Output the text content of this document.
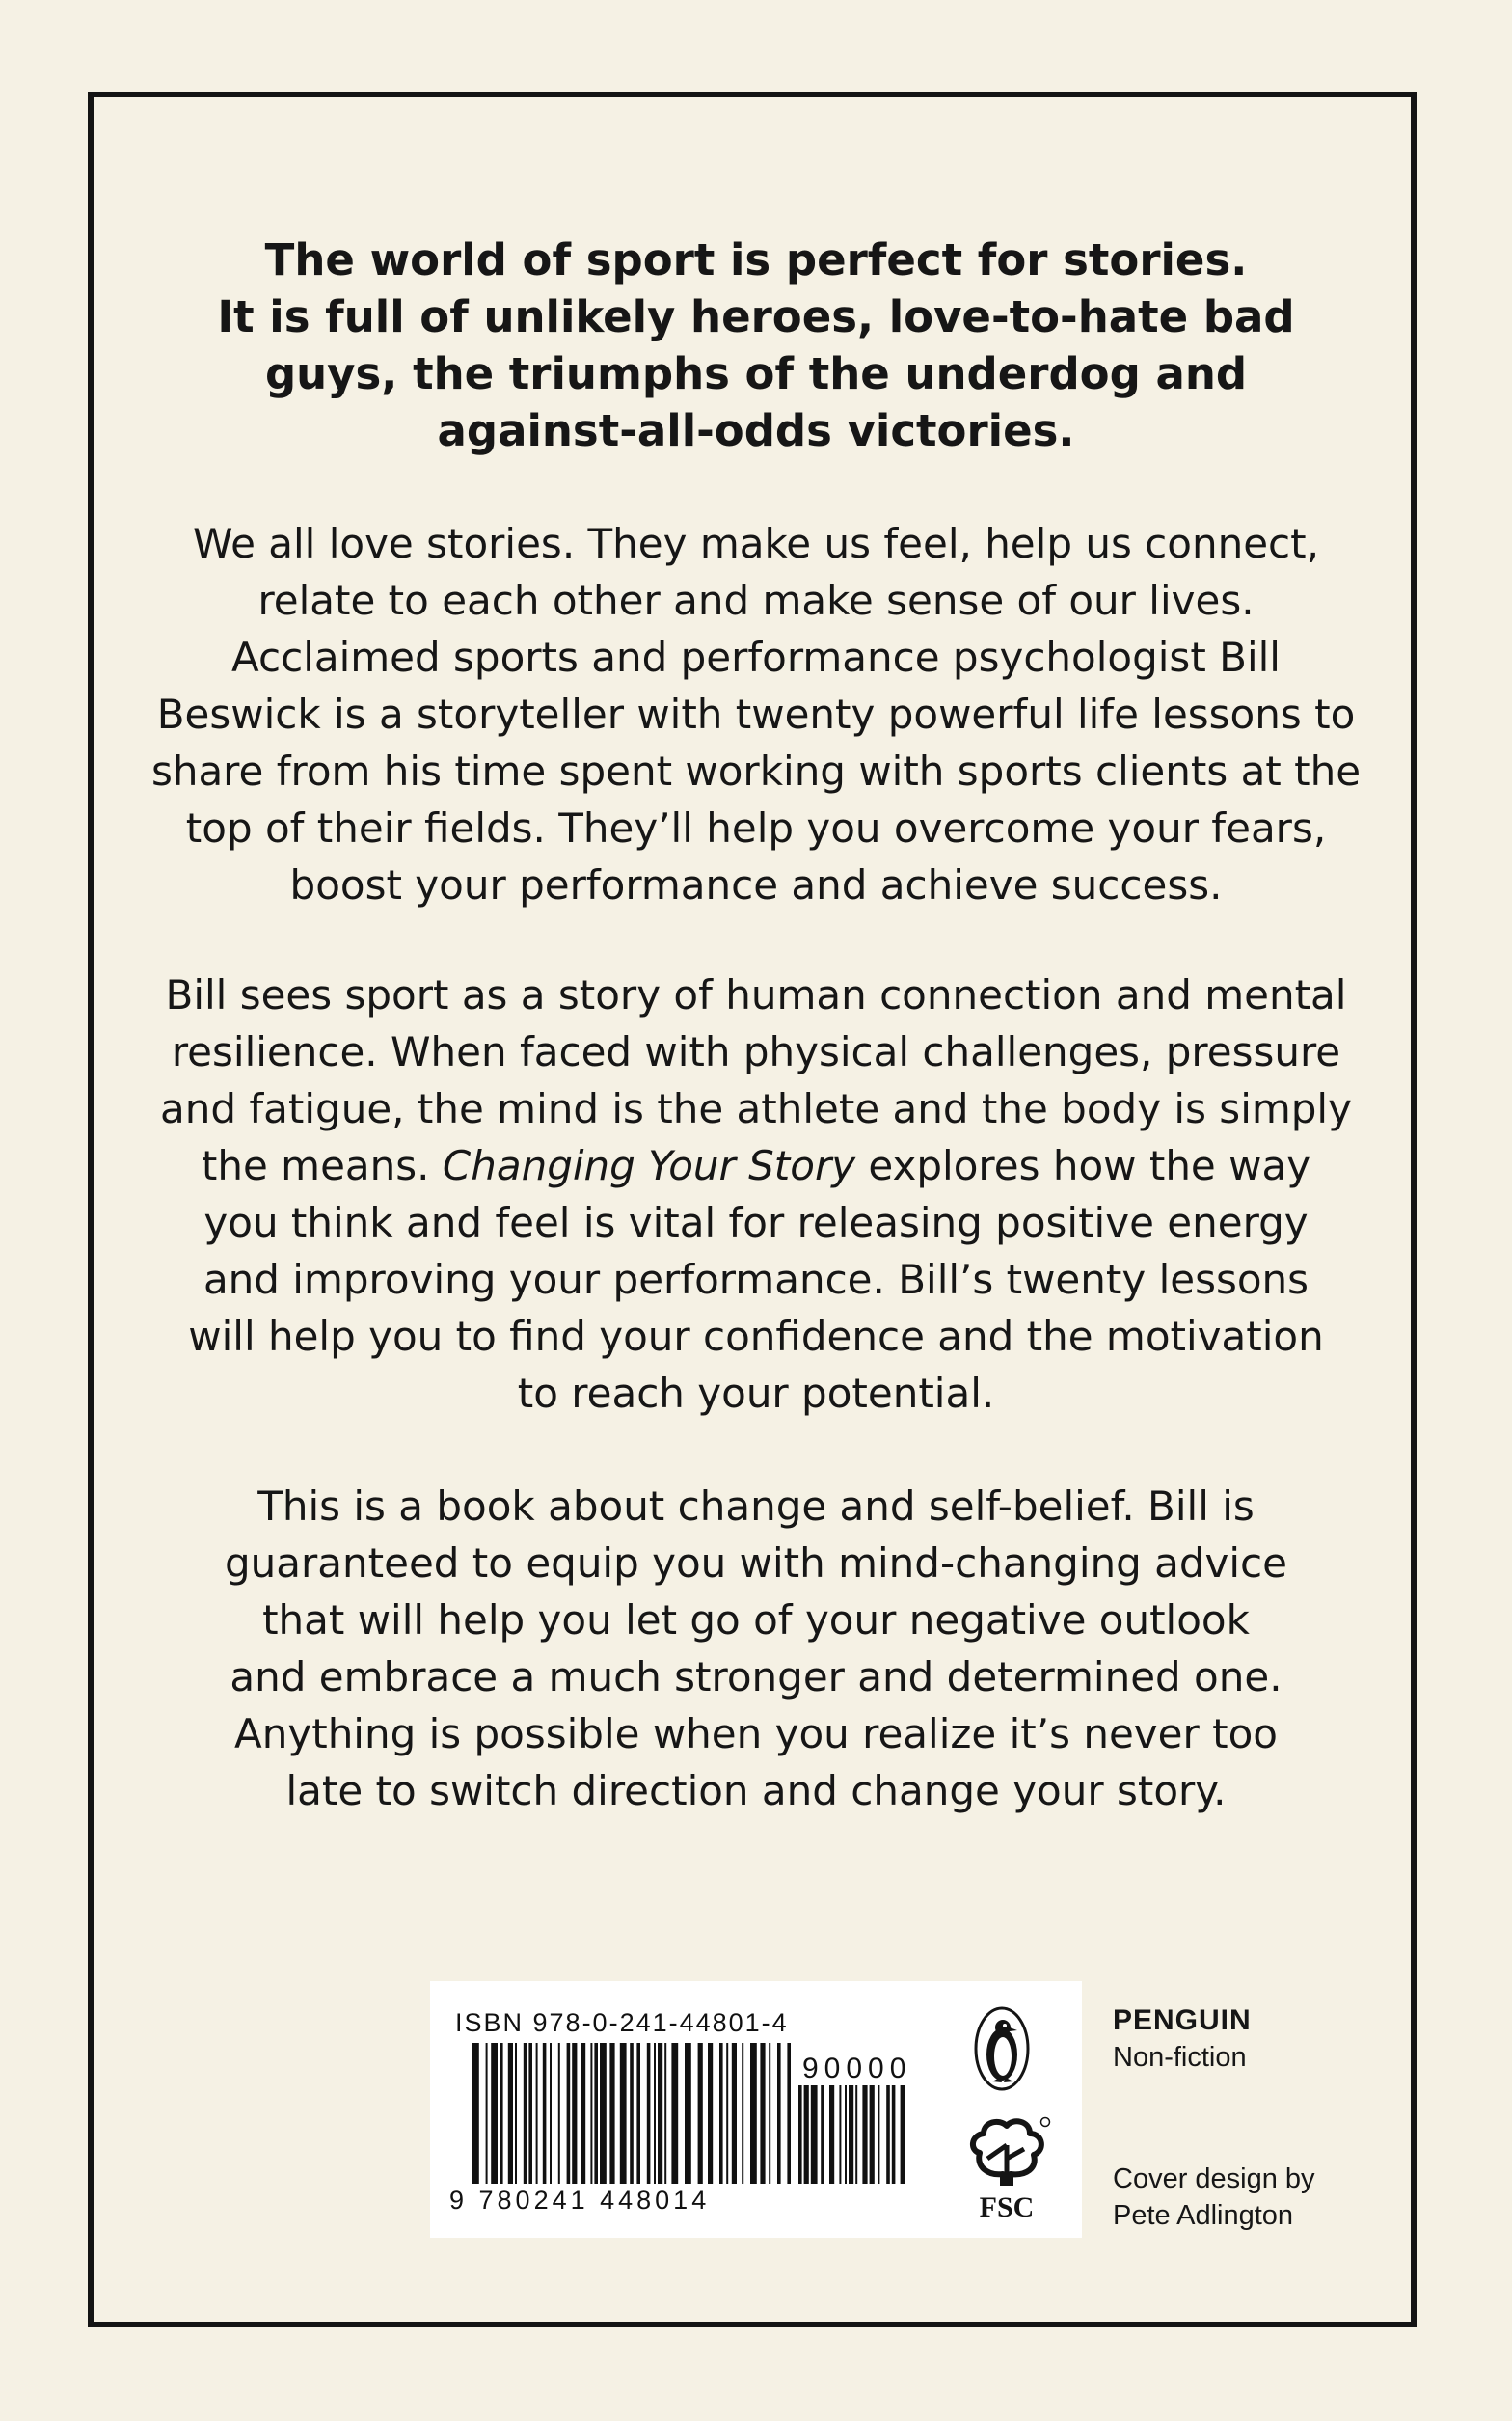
The world of sport is perfect for stories.
It is full of unlikely heroes, love-to-hate bad
guys, the triumphs of the underdog and
against-all-odds victories.

We all love stories. They make us feel, help us connect,
relate to each other and make sense of our lives.
Acclaimed sports and performance psychologist Bill
Beswick is a storyteller with twenty powerful life lessons to
share from his time spent working with sports clients at the
top of their fields. They’ll help you overcome your fears,
boost your performance and achieve success.

Bill sees sport as a story of human connection and mental
resilience. When faced with physical challenges, pressure
and fatigue, the mind is the athlete and the body is simply
the means. Changing Your Story explores how the way
you think and feel is vital for releasing positive energy
and improving your performance. Bill’s twenty lessons
will help you to find your confidence and the motivation
to reach your potential.

This is a book about change and self-belief. Bill is
guaranteed to equip you with mind-changing advice
that will help you let go of your negative outlook
and embrace a much stronger and determined one.
Anything is possible when you realize it’s never too
late to switch direction and change your story.

ISBN 978-0-241-44801-4
90000
9 780241 448014	FSC
PENGUIN
Non-fiction
Cover design by
Pete Adlington
